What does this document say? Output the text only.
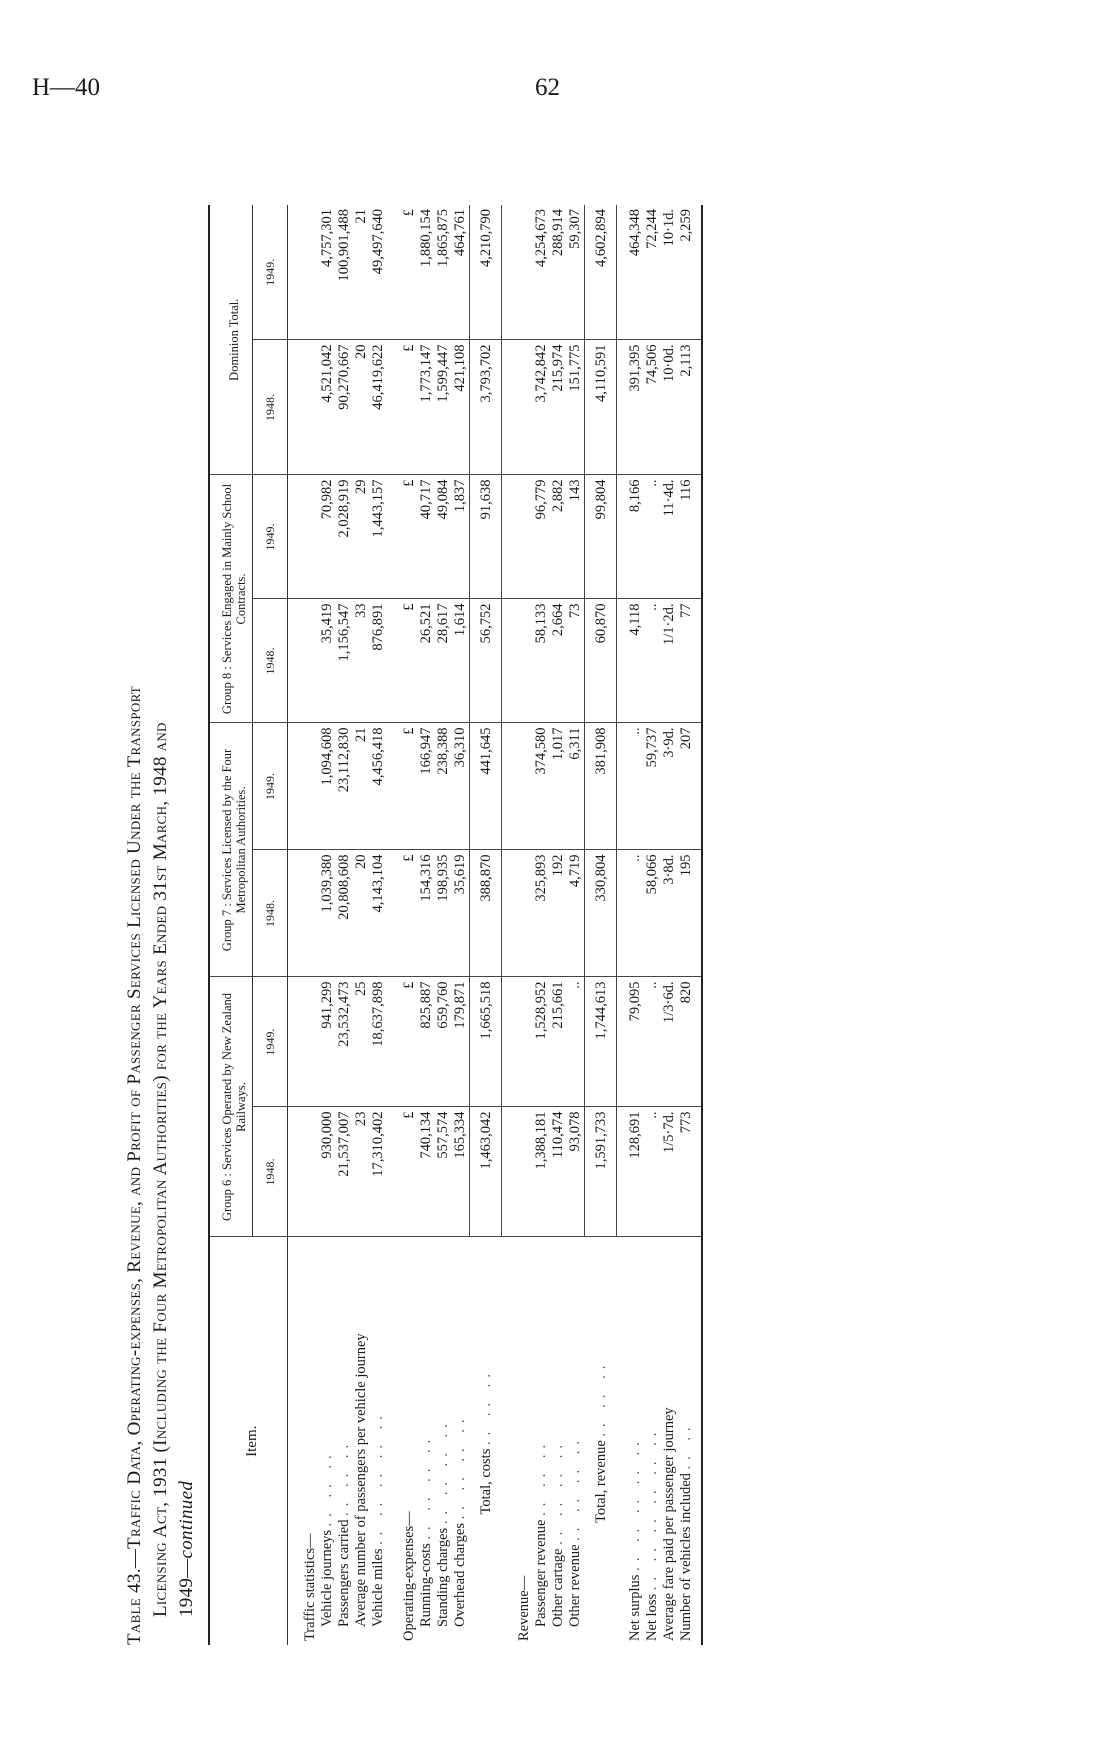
H—40	62
Table 43.—Traffic Data, Operating-expenses, Revenue, and Profit of Passenger Services Licensed Under the Transport Licensing Act, 1931 (Including the Four Metropolitan Authorities) for the Years Ended 31st March, 1948 and 1949—continued
Item.	Group 6 : Services Operated by New Zealand Railways.		Group 7 : Services Licensed by the Four Metropolitan Authorities.		Group 8 : Services Engaged in Mainly School Contracts.		Dominion Total.	
	1948.	1949.	1948.	1949.	1948.	1949.	1948.	1949.
Traffic statistics—								
Vehicle journeys .. .. ..	930,000	941,299	1,039,380	1,094,608	35,419	70,982	4,521,042	4,757,301
Passengers carried .. .. ..	21,537,007	23,532,473	20,808,608	23,112,830	1,156,547	2,028,919	90,270,667	100,901,488
Average number of passengers per vehicle journey	23	25	20	21	33	29	20	21
Vehicle miles .. .. .. .. ..	17,310,402	18,637,898	4,143,104	4,456,418	876,891	1,443,157	46,419,622	49,497,640
Operating-expenses—	£	£	£	£	£	£	£	£
Running-costs .. .. .. ..	740,134	825,887	154,316	166,947	26,521	40,717	1,773,147	1,880,154
Standing charges .. .. .. ..	557,574	659,760	198,935	238,388	28,617	49,084	1,599,447	1,865,875
Overhead charges .. .. .. ..	165,334	179,871	35,619	36,310	1,614	1,837	421,108	464,761
Total, costs .. .. ..	1,463,042	1,665,518	388,870	441,645	56,752	91,638	3,793,702	4,210,790
Revenue—								
Passenger revenue .. .. ..	1,388,181	1,528,952	325,893	374,580	58,133	96,779	3,742,842	4,254,673
Other cartage .. .. .. ..	110,474	215,661	192	1,017	2,664	2,882	215,974	288,914
Other revenue .. .. .. ..	93,078	..	4,719	6,311	73	143	151,775	59,307
Total, revenue .. .. ..	1,591,733	1,744,613	330,804	381,908	60,870	99,804	4,110,591	4,602,894

Net surplus .. .. .. .. ..	128,691	79,095	..	..	4,118	8,166	391,395	464,348
Net loss .. .. .. .. .. ..	..	..	58,066	59,737	..	..	74,506	72,244
Average fare paid per passenger journey	1/5·7d.	1/3·6d.	3·8d.	3·9d.	1/1·2d.	11·4d.	10·0d.	10·1d.
Number of vehicles included .. ..	773	820	195	207	77	116	2,113	2,259
